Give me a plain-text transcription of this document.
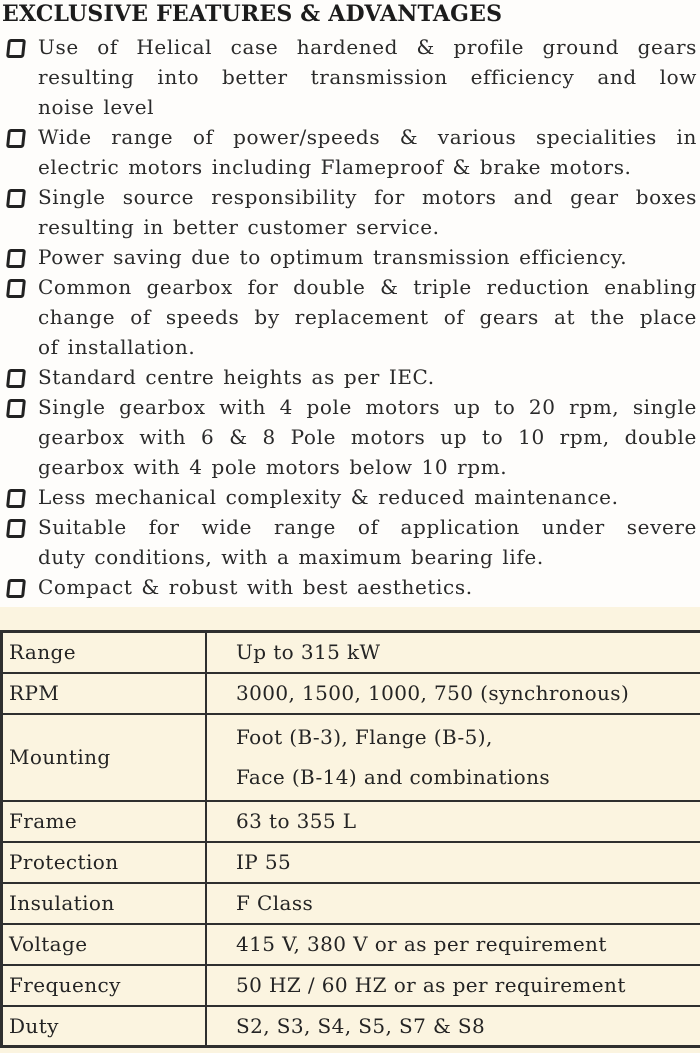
EXCLUSIVE FEATURES & ADVANTAGES
Use of Helical case hardened & profile ground gears
resulting into better transmission efficiency and low
noise level
Wide range of power/speeds & various specialities in
electric motors including Flameproof & brake motors.
Single source responsibility for motors and gear boxes
resulting in better customer service.
Power saving due to optimum transmission efficiency.
Common gearbox for double & triple reduction enabling
change of speeds by replacement of gears at the place
of installation.
Standard centre heights as per IEC.
Single gearbox with 4 pole motors up to 20 rpm, single
gearbox with 6 & 8 Pole motors up to 10 rpm, double
gearbox with 4 pole motors below 10 rpm.
Less mechanical complexity & reduced maintenance.
Suitable for wide range of application under severe
duty conditions, with a maximum bearing life.
Compact & robust with best aesthetics.
Range	Up to 315 kW

RPM	3000, 1500, 1000, 750 (synchronous)

Mounting	Foot (B-3), Flange (B-5),
Face (B-14) and combinations

Frame	63 to 355 L

Protection	IP 55

Insulation	F Class

Voltage	415 V, 380 V or as per requirement

Frequency	50 HZ / 60 HZ or as per requirement

Duty	S2, S3, S4, S5, S7 & S8
